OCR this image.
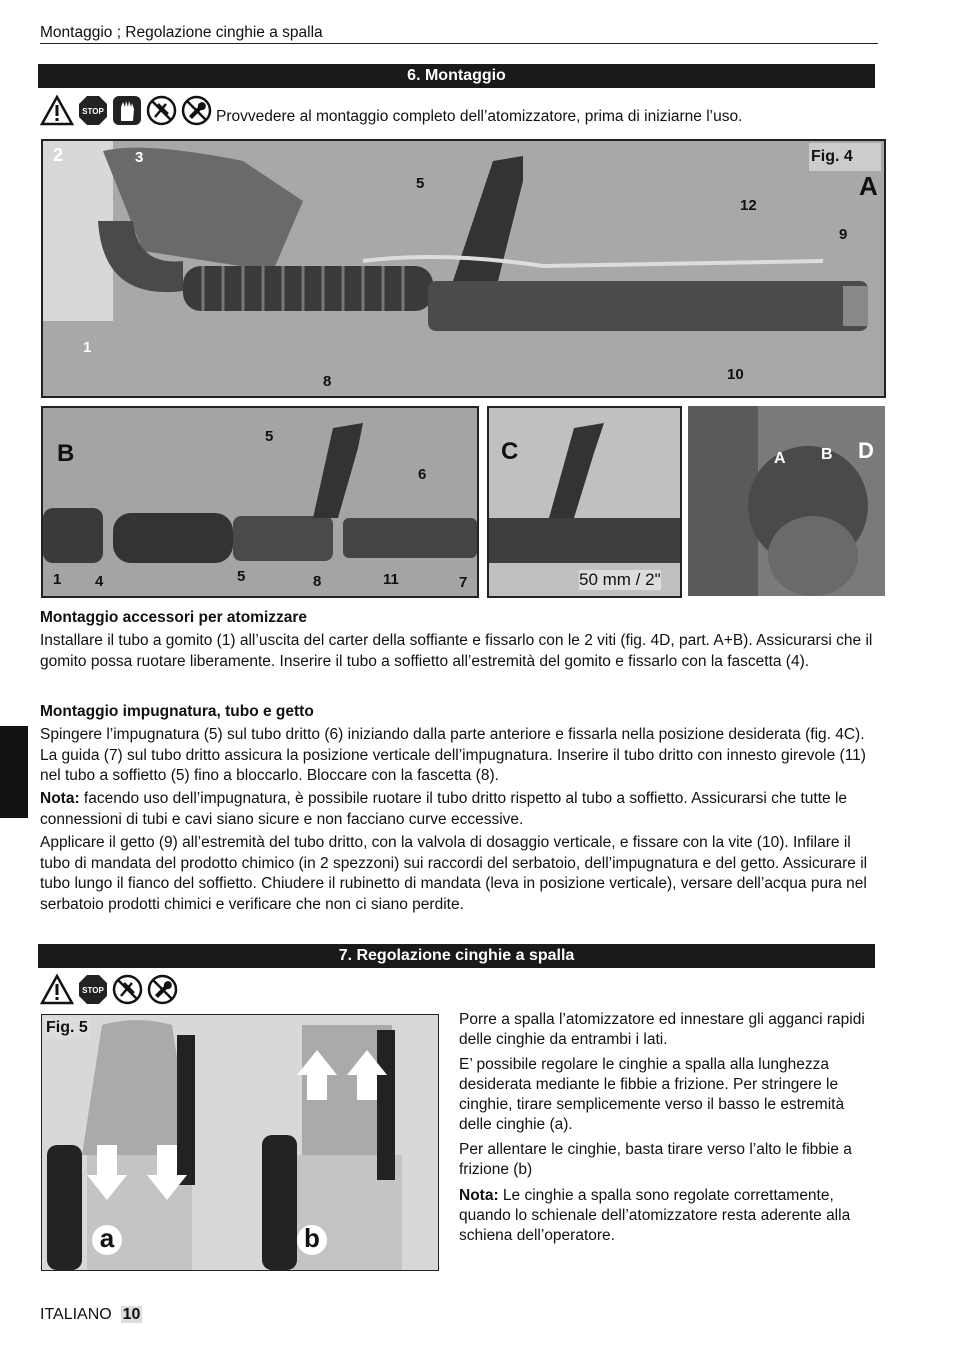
Montaggio ; Regolazione cinghie a spalla
6. Montaggio
STOP	Provvedere al montaggio completo dell’atomizzatore, prima di iniziarne l’uso.
2	3
5
1
8
9
10
12
Fig. 4
A
B
1 4
5
5
6
7
8	11
C
50 mm / 2"
D
A B
Montaggio accessori per atomizzare
Installare il tubo a gomito (1) all’uscita del carter della soffiante e fissarlo con le 2 viti (fig. 4D, part. A+B). Assicurarsi che il gomito possa ruotare liberamente. Inserire il tubo a soffietto all’estremità del gomito e fissarlo con la fascetta (4).
Montaggio impugnatura, tubo e getto
Spingere l’impugnatura (5) sul tubo dritto (6) iniziando dalla parte anteriore e fissarla nella posizione desiderata (fig. 4C). La guida (7) sul tubo dritto assicura la posizione verticale dell’impugnatura. Inserire il tubo dritto con innesto girevole (11) nel tubo a soffietto (5) fino a bloccarlo. Bloccare con la fascetta (8).
Nota: facendo uso dell’impugnatura, è possibile ruotare il tubo dritto rispetto al tubo a soffietto. Assicurarsi che tutte le connessioni di tubi e cavi siano sicure e non facciano curve eccessive.
Applicare il getto (9) all’estremità del tubo dritto, con la valvola di dosaggio verticale, e fissare con la vite (10). Infilare il tubo di mandata del prodotto chimico (in 2 spezzoni) sui raccordi del serbatoio, dell’impugnatura e del getto. Assicurare il tubo lungo il fianco del soffietto. Chiudere il rubinetto di mandata (leva in posizione verticale), versare dell’acqua pura nel serbatoio prodotti chimici e verificare che non ci siano perdite.
7. Regolazione cinghie a spalla
STOP
Fig. 5
a	b
Porre a spalla l’atomizzatore ed innestare gli agganci rapidi delle cinghie da entrambi i lati.
E’ possibile regolare le cinghie a spalla alla lunghezza desiderata mediante le fibbie a frizione. Per stringere le cinghie, tirare semplicemente verso il basso le estremità delle cinghie (a).
Per allentare le cinghie, basta tirare verso l’alto le fibbie a frizione (b)
Nota: Le cinghie a spalla sono regolate correttamente, quando lo schienale dell’atomizzatore resta aderente alla schiena dell’operatore.
ITALIANO 10
